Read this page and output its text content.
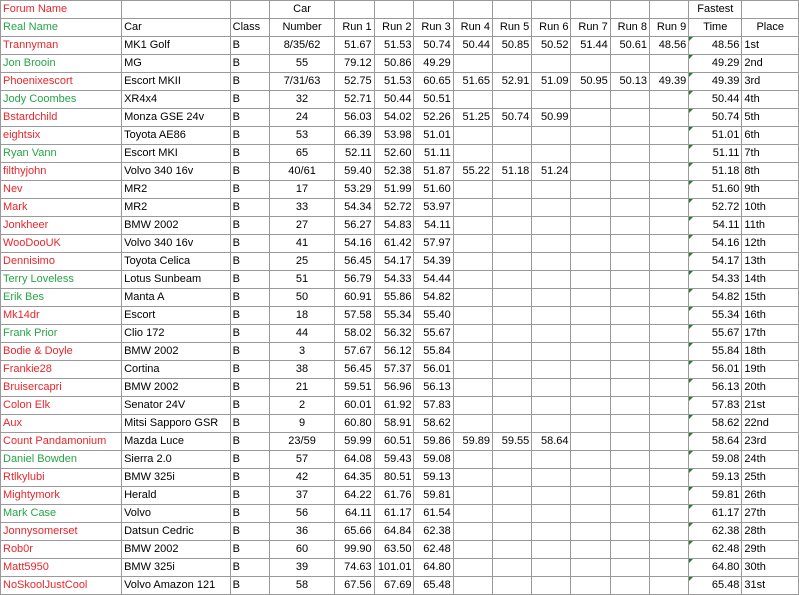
Forum Name			Car										Fastest	
Real Name	Car	Class	Number	Run 1	Run 2	Run 3	Run 4	Run 5	Run 6	Run 7	Run 8	Run 9	Time	Place
Trannyman	MK1 Golf	B	8/35/62	51.67	51.53	50.74	50.44	50.85	50.52	51.44	50.61	48.56	48.56	1st
Jon Brooin	MG	B	55	79.12	50.86	49.29							49.29	2nd
Phoenixescort	Escort MKII	B	7/31/63	52.75	51.53	60.65	51.65	52.91	51.09	50.95	50.13	49.39	49.39	3rd
Jody Coombes	XR4x4	B	32	52.71	50.44	50.51							50.44	4th
Bstardchild	Monza GSE 24v	B	24	56.03	54.02	52.26	51.25	50.74	50.99				50.74	5th
eightsix	Toyota AE86	B	53	66.39	53.98	51.01							51.01	6th
Ryan Vann	Escort MKI	B	65	52.11	52.60	51.11							51.11	7th
filthyjohn	Volvo 340 16v	B	40/61	59.40	52.38	51.87	55.22	51.18	51.24				51.18	8th
Nev	MR2	B	17	53.29	51.99	51.60							51.60	9th
Mark	MR2	B	33	54.34	52.72	53.97							52.72	10th
Jonkheer	BMW 2002	B	27	56.27	54.83	54.11							54.11	11th
WooDooUK	Volvo 340 16v	B	41	54.16	61.42	57.97							54.16	12th
Dennisimo	Toyota Celica	B	25	56.45	54.17	54.39							54.17	13th
Terry Loveless	Lotus Sunbeam	B	51	56.79	54.33	54.44							54.33	14th
Erik Bes	Manta A	B	50	60.91	55.86	54.82							54.82	15th
Mk14dr	Escort	B	18	57.58	55.34	55.40							55.34	16th
Frank Prior	Clio 172	B	44	58.02	56.32	55.67							55.67	17th
Bodie & Doyle	BMW 2002	B	3	57.67	56.12	55.84							55.84	18th
Frankie28	Cortina	B	38	56.45	57.37	56.01							56.01	19th
Bruisercapri	BMW 2002	B	21	59.51	56.96	56.13							56.13	20th
Colon Elk	Senator 24V	B	2	60.01	61.92	57.83							57.83	21st
Aux	Mitsi Sapporo GSR	B	9	60.80	58.91	58.62							58.62	22nd
Count Pandamonium	Mazda Luce	B	23/59	59.99	60.51	59.86	59.89	59.55	58.64				58.64	23rd
Daniel Bowden	Sierra 2.0	B	57	64.08	59.43	59.08							59.08	24th
Rtlkylubi	BMW 325i	B	42	64.35	80.51	59.13							59.13	25th
Mightymork	Herald	B	37	64.22	61.76	59.81							59.81	26th
Mark Case	Volvo	B	56	64.11	61.17	61.54							61.17	27th
Jonnysomerset	Datsun Cedric	B	36	65.66	64.84	62.38							62.38	28th
Rob0r	BMW 2002	B	60	99.90	63.50	62.48							62.48	29th
Matt5950	BMW 325i	B	39	74.63	101.01	64.80							64.80	30th
NoSkoolJustCool	Volvo Amazon 121	B	58	67.56	67.69	65.48							65.48	31st
